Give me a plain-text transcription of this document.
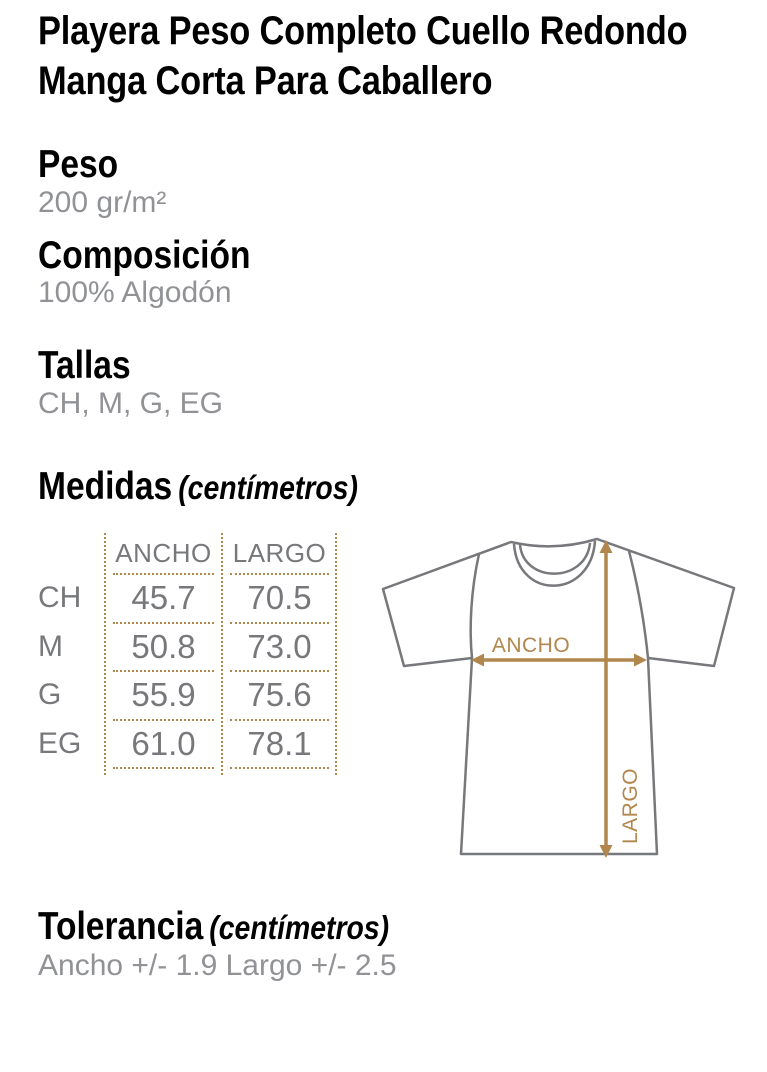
Playera Peso Completo Cuello Redondo
Manga Corta Para Caballero
Peso
200 gr/m²
Composición
100% Algodón
Tallas
CH, M, G, EG
Medidas (centímetros)
ANCHO LARGO
CH	45.7	70.5
M	50.8	73.0
G	55.9	75.6
EG	61.0	78.1
ANCHO
LARGO
Tolerancia (centímetros)
Ancho +/- 1.9 Largo +/- 2.5
